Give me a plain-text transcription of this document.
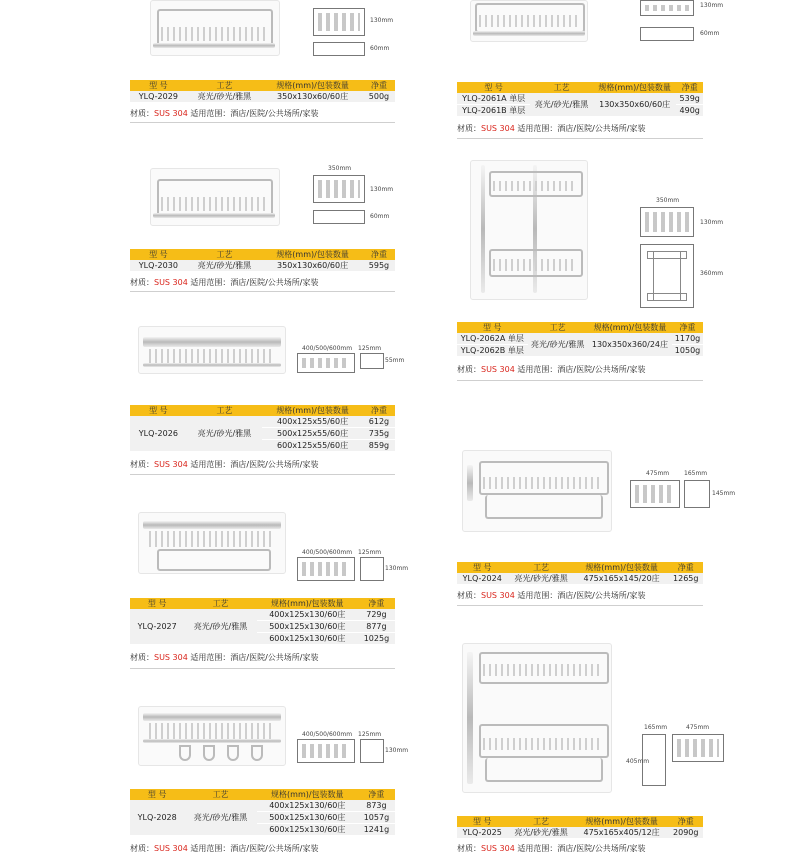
130mm
60mm
型 号	工艺	规格(mm)/包装数量	净重
YLQ-2029	亮光/砂光/雅黑	350x130x60/60庄	500g
材质：SUS 304 适用范围：酒店/医院/公共场所/家装
350mm
130mm
60mm
型 号	工艺	规格(mm)/包装数量	净重
YLQ-2030	亮光/砂光/雅黑	350x130x60/60庄	595g
材质：SUS 304 适用范围：酒店/医院/公共场所/家装
400/500/600mm 125mm
55mm
型 号	工艺	规格(mm)/包装数量	净重
YLQ-2026	亮光/砂光/雅黑	400x125x55/60庄	612g
		500x125x55/60庄	735g
		600x125x55/60庄	859g
材质：SUS 304 适用范围：酒店/医院/公共场所/家装
400/500/600mm 125mm
130mm
型 号	工艺	规格(mm)/包装数量	净重
YLQ-2027	亮光/砂光/雅黑	400x125x130/60庄	729g
		500x125x130/60庄	877g
		600x125x130/60庄	1025g
材质：SUS 304 适用范围：酒店/医院/公共场所/家装
400/500/600mm 125mm
130mm
型 号	工艺	规格(mm)/包装数量	净重
YLQ-2028	亮光/砂光/雅黑	400x125x130/60庄	873g
		500x125x130/60庄	1057g
		600x125x130/60庄	1241g
材质：SUS 304 适用范围：酒店/医院/公共场所/家装
130mm
60mm
型 号	工艺	规格(mm)/包装数量	净重
YLQ-2061A 单层	亮光/砂光/雅黑	130x350x60/60庄	539g
YLQ-2061B 单层			490g
材质：SUS 304 适用范围：酒店/医院/公共场所/家装
350mm
130mm
360mm
型 号	工艺	规格(mm)/包装数量	净重
YLQ-2062A 单层	亮光/砂光/雅黑	130x350x360/24庄	1170g
YLQ-2062B 单层			1050g
材质：SUS 304 适用范围：酒店/医院/公共场所/家装
475mm 165mm
145mm
型 号	工艺	规格(mm)/包装数量	净重
YLQ-2024	亮光/砂光/雅黑	475x165x145/20庄	1265g
材质：SUS 304 适用范围：酒店/医院/公共场所/家装
165mm	475mm
405mm
型 号	工艺	规格(mm)/包装数量	净重
YLQ-2025	亮光/砂光/雅黑	475x165x405/12庄	2090g
材质：SUS 304 适用范围：酒店/医院/公共场所/家装
